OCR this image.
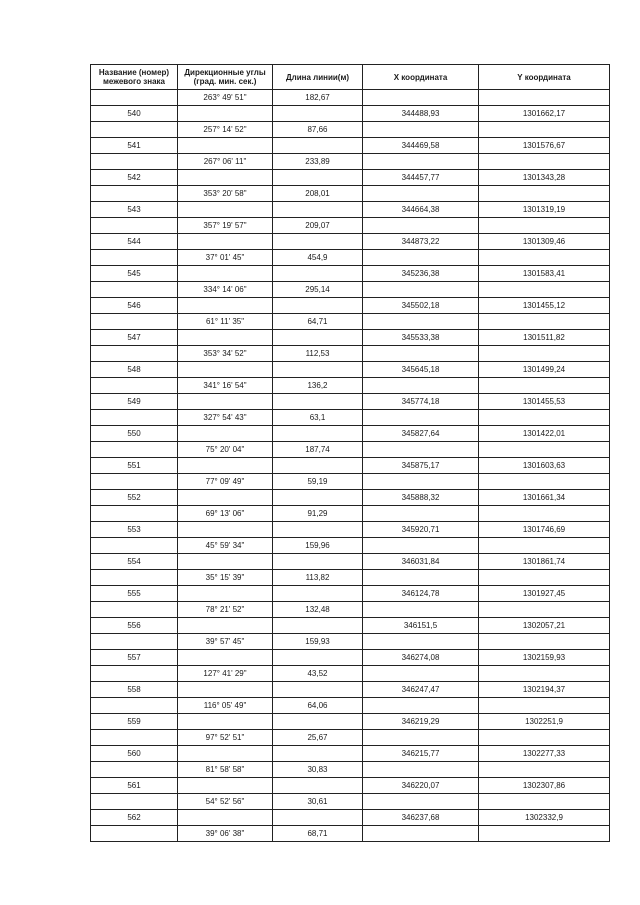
Название (номер) межевого знака	Дирекционные углы (град. мин. сек.)	Длина линии(м)	X координата	Y координата
	263° 49' 51"	182,67		
540			344488,93	1301662,17
	257° 14' 52"	87,66		
541			344469,58	1301576,67
	267° 06' 11"	233,89		
542			344457,77	1301343,28
	353° 20' 58"	208,01		
543			344664,38	1301319,19
	357° 19' 57"	209,07		
544			344873,22	1301309,46
	37° 01' 45"	454,9		
545			345236,38	1301583,41
	334° 14' 06"	295,14		
546			345502,18	1301455,12
	61° 11' 35"	64,71		
547			345533,38	1301511,82
	353° 34' 52"	112,53		
548			345645,18	1301499,24
	341° 16' 54"	136,2		
549			345774,18	1301455,53
	327° 54' 43"	63,1		
550			345827,64	1301422,01
	75° 20' 04"	187,74		
551			345875,17	1301603,63
	77° 09' 49"	59,19		
552			345888,32	1301661,34
	69° 13' 06"	91,29		
553			345920,71	1301746,69
	45° 59' 34"	159,96		
554			346031,84	1301861,74
	35° 15' 39"	113,82		
555			346124,78	1301927,45
	78° 21' 52"	132,48		
556			346151,5	1302057,21
	39° 57' 45"	159,93		
557			346274,08	1302159,93
	127° 41' 29"	43,52		
558			346247,47	1302194,37
	116° 05' 49"	64,06		
559			346219,29	1302251,9
	97° 52' 51"	25,67		
560			346215,77	1302277,33
	81° 58' 58"	30,83		
561			346220,07	1302307,86
	54° 52' 56"	30,61		
562			346237,68	1302332,9
	39° 06' 38"	68,71		
